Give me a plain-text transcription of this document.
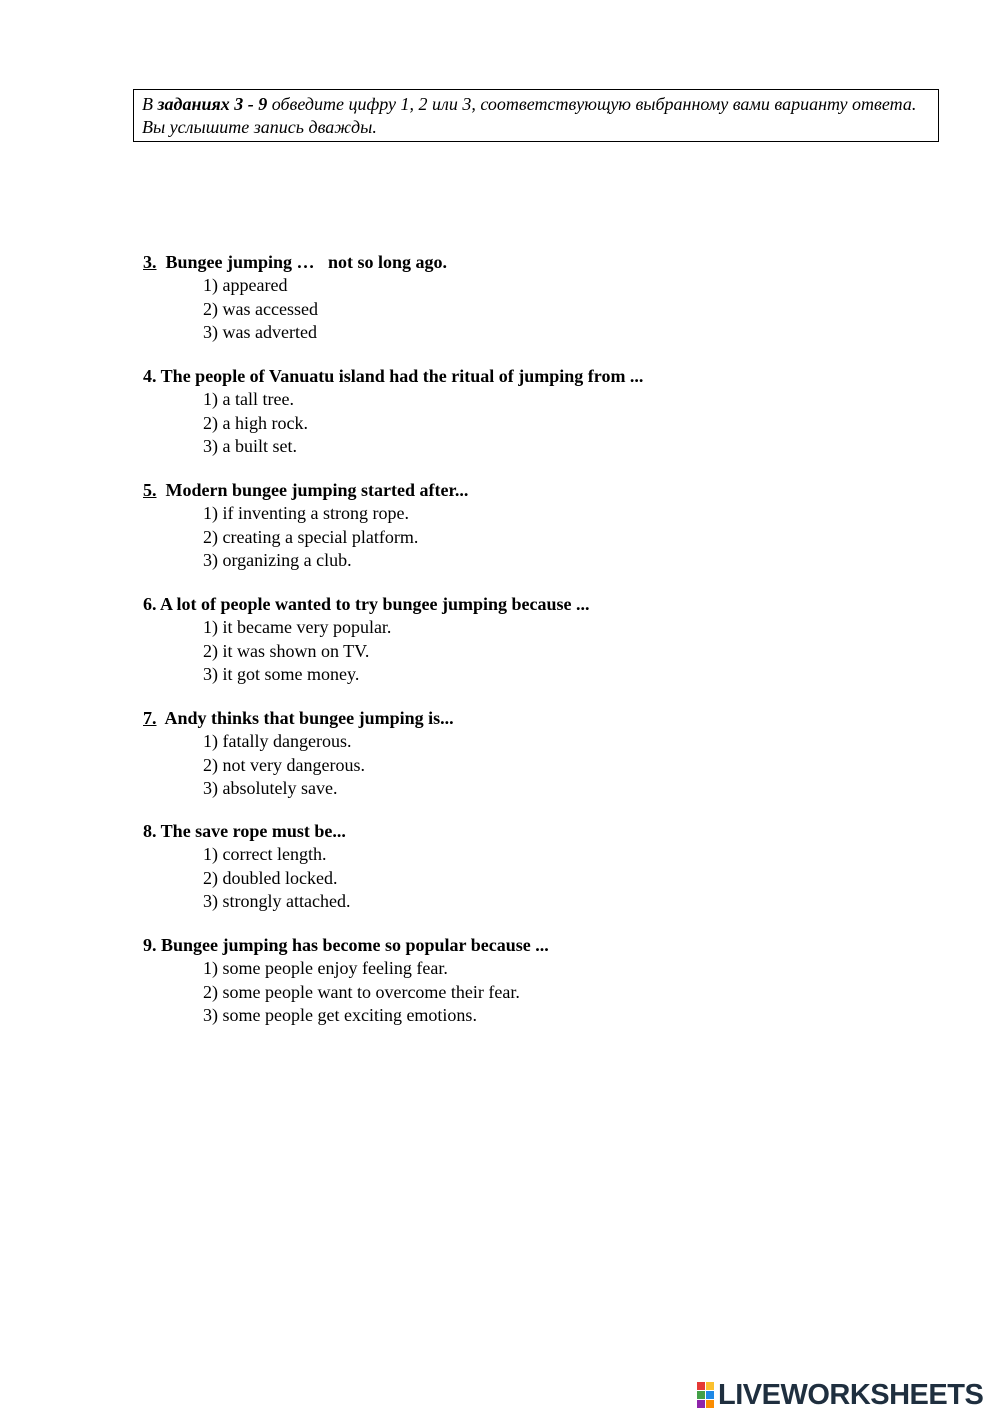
В заданиях 3 - 9 обведите цифру 1, 2 или 3, соответствующую выбранному вами варианту ответа. Вы услышите запись дважды.
3.  Bungee jumping …   not so long ago.
1) appeared
2) was accessed
3) was adverted
4. The people of Vanuatu island had the ritual of jumping from ...
1) a tall tree.
2) a high rock.
3) a built set.
5.  Modern bungee jumping started after...
1) if inventing a strong rope.
2) creating a special platform.
3) organizing a club.
6. A lot of people wanted to try bungee jumping because ...
1) it became very popular.
2) it was shown on TV.
3) it got some money.
7.  Andy thinks that bungee jumping is...
1) fatally dangerous.
2) not very dangerous.
3) absolutely save.
8. The save rope must be...
1) correct length.
2) doubled locked.
3) strongly attached.
9. Bungee jumping has become so popular because ...
1) some people enjoy feeling fear.
2) some people want to overcome their fear.
3) some people get exciting emotions.
LIVEWORKSHEETS
